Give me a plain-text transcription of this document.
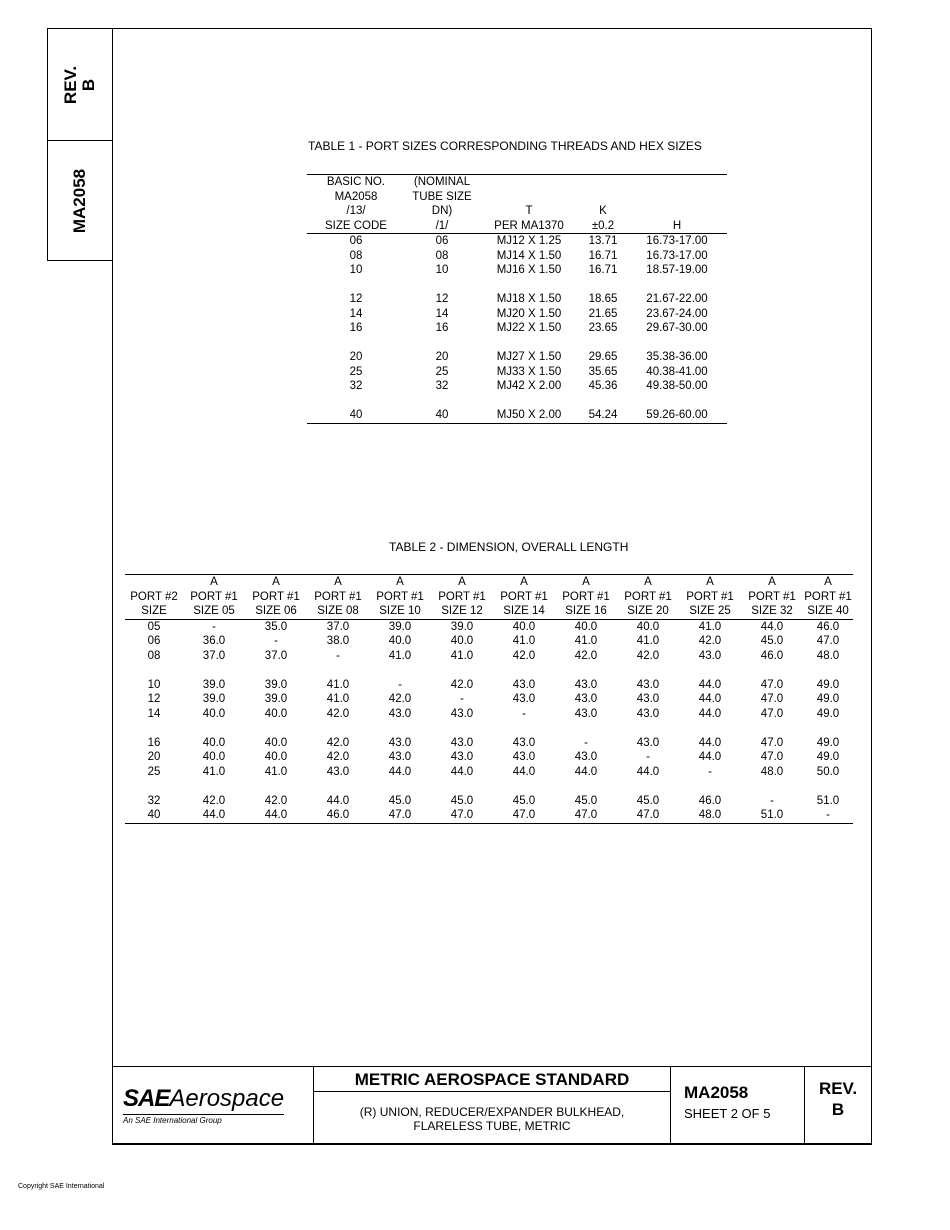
REV. B
MA2058
TABLE 1 - PORT SIZES CORRESPONDING THREADS AND HEX SIZES
BASIC NO.	(NOMINAL			
MA2058	TUBE SIZE			
/13/	DN)	T	K	
SIZE CODE	/1/	PER MA1370	±0.2	H
06	06	MJ12 X 1.25	13.71	16.73-17.00
08	08	MJ14 X 1.50	16.71	16.73-17.00
10	10	MJ16 X 1.50	16.71	18.57-19.00

12	12	MJ18 X 1.50	18.65	21.67-22.00
14	14	MJ20 X 1.50	21.65	23.67-24.00
16	16	MJ22 X 1.50	23.65	29.67-30.00

20	20	MJ27 X 1.50	29.65	35.38-36.00
25	25	MJ33 X 1.50	35.65	40.38-41.00
32	32	MJ42 X 2.00	45.36	49.38-50.00

40	40	MJ50 X 2.00	54.24	59.26-60.00
TABLE 2 - DIMENSION, OVERALL LENGTH
	A	A	A	A	A	A	A	A	A	A	A
PORT #2	PORT #1	PORT #1	PORT #1	PORT #1	PORT #1	PORT #1	PORT #1	PORT #1	PORT #1	PORT #1	PORT #1
SIZE	SIZE 05	SIZE 06	SIZE 08	SIZE 10	SIZE 12	SIZE 14	SIZE 16	SIZE 20	SIZE 25	SIZE 32	SIZE 40
05	-	35.0	37.0	39.0	39.0	40.0	40.0	40.0	41.0	44.0	46.0
06	36.0	-	38.0	40.0	40.0	41.0	41.0	41.0	42.0	45.0	47.0
08	37.0	37.0	-	41.0	41.0	42.0	42.0	42.0	43.0	46.0	48.0

10	39.0	39.0	41.0	-	42.0	43.0	43.0	43.0	44.0	47.0	49.0
12	39.0	39.0	41.0	42.0	-	43.0	43.0	43.0	44.0	47.0	49.0
14	40.0	40.0	42.0	43.0	43.0	-	43.0	43.0	44.0	47.0	49.0

16	40.0	40.0	42.0	43.0	43.0	43.0	-	43.0	44.0	47.0	49.0
20	40.0	40.0	42.0	43.0	43.0	43.0	43.0	-	44.0	47.0	49.0
25	41.0	41.0	43.0	44.0	44.0	44.0	44.0	44.0	-	48.0	50.0

32	42.0	42.0	44.0	45.0	45.0	45.0	45.0	45.0	46.0	-	51.0
40	44.0	44.0	46.0	47.0	47.0	47.0	47.0	47.0	48.0	51.0	-
SAEAerospace
An SAE International Group
METRIC AEROSPACE STANDARD
(R) UNION, REDUCER/EXPANDER BULKHEAD,
FLARELESS TUBE, METRIC
MA2058
SHEET 2 OF 5
REV.
B
Copyright SAE International
